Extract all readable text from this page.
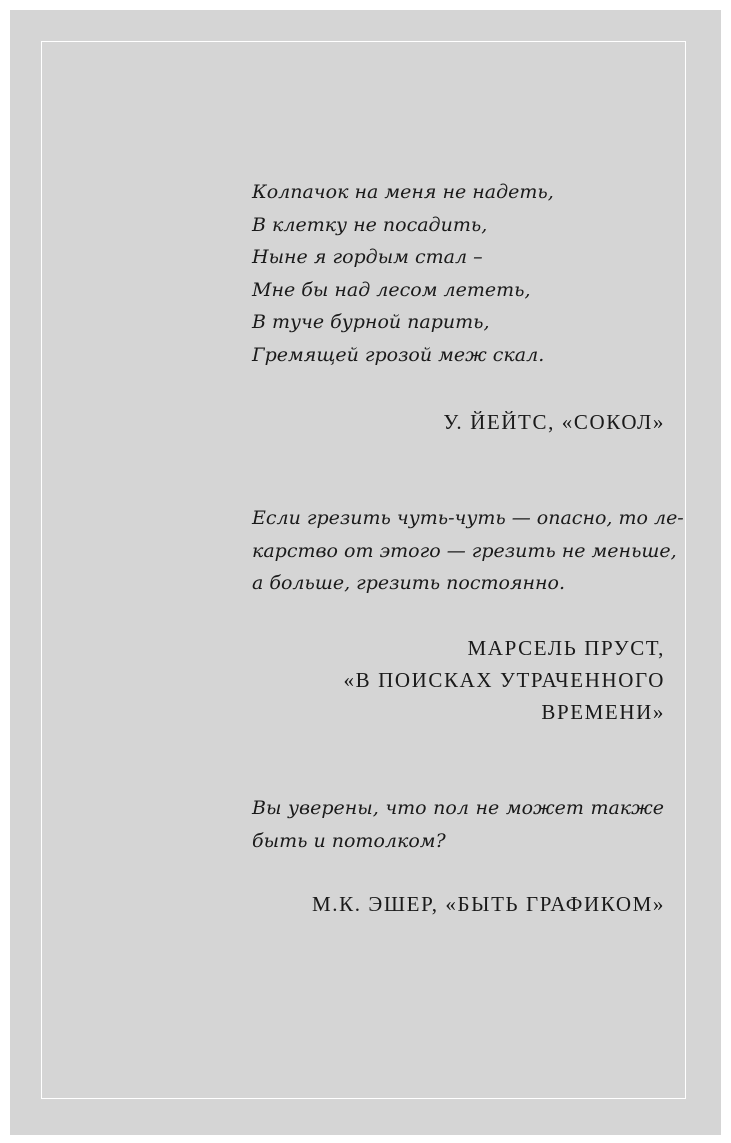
Колпачок на меня не надеть,
В клетку не посадить,
Ныне я гордым стал –
Мне бы над лесом лететь,
В туче бурной парить,
Гремящей грозой меж скал.
У. ЙЕЙТС, «СОКОЛ»
Если грезить чуть-чуть — опасно, то ле-
карство от этого — грезить не меньше,
а больше, грезить постоянно.
МАРСЕЛЬ ПРУСТ,
«В ПОИСКАХ УТРАЧЕННОГО
ВРЕМЕНИ»
Вы уверены, что пол не может также
быть и потолком?
М.К. ЭШЕР, «БЫТЬ ГРАФИКОМ»
